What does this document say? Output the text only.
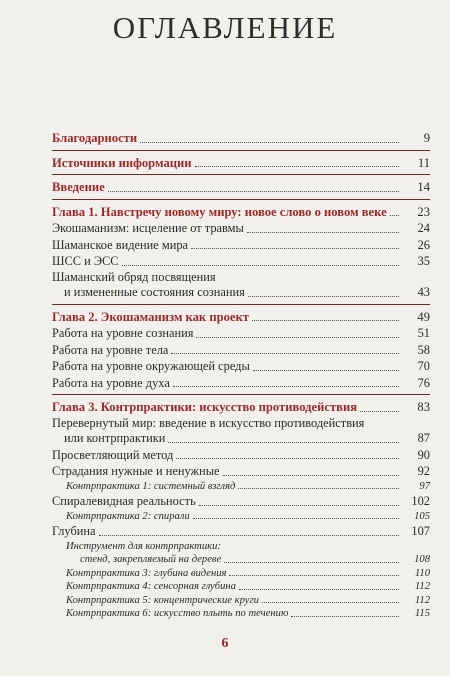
ОГЛАВЛЕНИЕ
Благодарности	9
Источники информации	11
Введение	14
Глава 1. Навстречу новому миру: новое слово о новом веке	23
Экошаманизм: исцеление от травмы	24
Шаманское видение мира	26
ШСС и ЭСС	35
Шаманский обряд посвящения
и измененные состояния сознания	43
Глава 2. Экошаманизм как проект	49
Работа на уровне сознания	51
Работа на уровне тела	58
Работа на уровне окружающей среды	70
Работа на уровне духа	76
Глава 3. Контрпрактики: искусство противодействия	83
Перевернутый мир: введение в искусство противодействия
или контрпрактики	87
Просветляющий метод	90
Страдания нужные и ненужные	92
Контрпрактика 1: системный взгляд	97
Спиралевидная реальность	102
Контрпрактика 2: спирали	105
Глубина	107
Инструмент для контрпрактики:
стенд, закрепляемый на дереве	108
Контрпрактика 3: глубина видения	110
Контрпрактика 4: сенсорная глубина	112
Контрпрактика 5: концентрические круги	112
Контрпрактика 6: искусство плыть по течению	115
6
